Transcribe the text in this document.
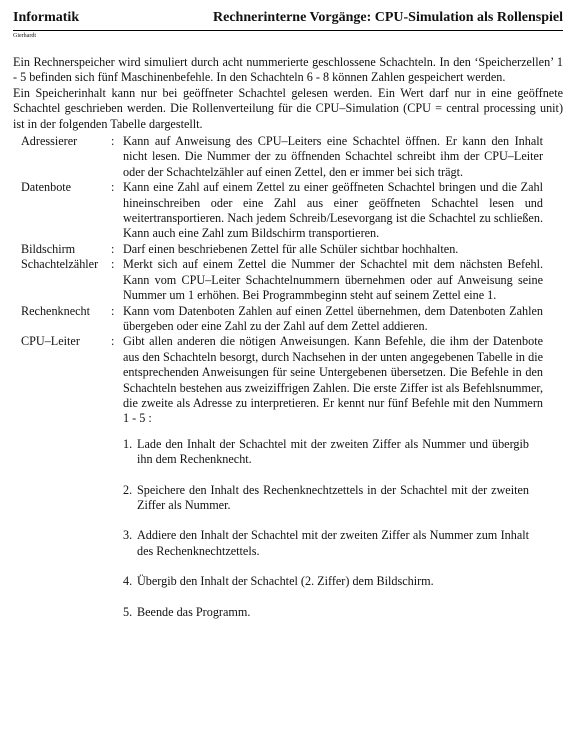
Informatik	Rechnerinterne Vorgänge: CPU-Simulation als Rollenspiel
Gierhardt

Ein Rechnerspeicher wird simuliert durch acht nummerierte geschlossene Schachteln. In den ‘Speicherzellen’ 1 - 5 befinden sich fünf Maschinenbefehle. In den Schachteln 6 - 8 können Zahlen gespeichert werden.

Ein Speicherinhalt kann nur bei geöffneter Schachtel gelesen werden. Ein Wert darf nur in eine geöffnete Schachtel geschrieben werden. Die Rollenverteilung für die CPU–Simulation (CPU = central processing unit) ist in der folgenden Tabelle dargestellt.

Adressierer	: Kann auf Anweisung des CPU–Leiters eine Schachtel öffnen. Er kann den Inhalt nicht lesen. Die Nummer der zu öffnenden Schachtel schreibt ihm der CPU–Leiter oder der Schachtelzähler auf einen Zettel, den er immer bei sich trägt.
Datenbote	: Kann eine Zahl auf einem Zettel zu einer geöffneten Schachtel bringen und die Zahl hineinschreiben oder eine Zahl aus einer geöffneten Schachtel lesen und weitertransportieren. Nach jedem Schreib/Lesevorgang ist die Schachtel zu schließen. Kann auch eine Zahl zum Bildschirm transportieren.
Bildschirm	: Darf einen beschriebenen Zettel für alle Schüler sichtbar hochhalten.
Schachtelzähler	: Merkt sich auf einem Zettel die Nummer der Schachtel mit dem nächsten Befehl. Kann vom CPU–Leiter Schachtelnummern übernehmen oder auf Anweisung seine Nummer um 1 erhöhen. Bei Programmbeginn steht auf seinem Zettel eine 1.
Rechenknecht	: Kann vom Datenboten Zahlen auf einen Zettel übernehmen, dem Datenboten Zahlen übergeben oder eine Zahl zu der Zahl auf dem Zettel addieren.
CPU–Leiter	: Gibt allen anderen die nötigen Anweisungen. Kann Befehle, die ihm der Datenbote aus den Schachteln besorgt, durch Nachsehen in der unten angegebenen Tabelle in die entsprechenden Anweisungen für seine Untergebenen übersetzen. Die Befehle in den Schachteln bestehen aus zweiziffrigen Zahlen. Die erste Ziffer ist als Befehlsnummer, die zweite als Adresse zu interpretieren. Er kennt nur fünf Befehle mit den Nummern 1 - 5 :
1. Lade den Inhalt der Schachtel mit der zweiten Ziffer als Nummer und übergib ihn dem Rechenknecht.
2. Speichere den Inhalt des Rechenknechtzettels in der Schachtel mit der zweiten Ziffer als Nummer.
3. Addiere den Inhalt der Schachtel mit der zweiten Ziffer als Nummer zum Inhalt des Rechenknechtzettels.
4. Übergib den Inhalt der Schachtel (2. Ziffer) dem Bildschirm.
5. Beende das Programm.
